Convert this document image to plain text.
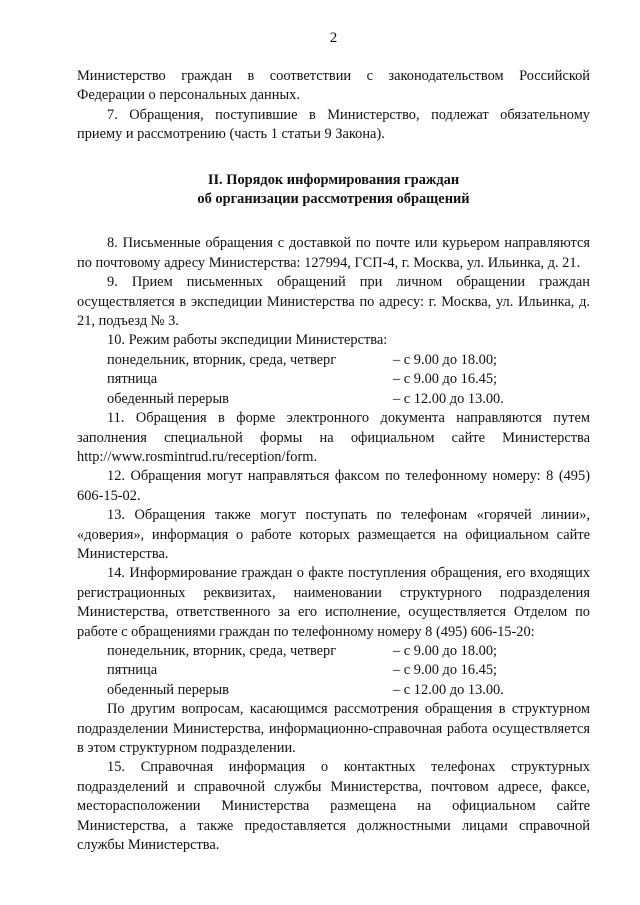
2

Министерство граждан в соответствии с законодательством Российской Федерации о персональных данных.

7. Обращения, поступившие в Министерство, подлежат обязательному приему и рассмотрению (часть 1 статьи 9 Закона).

II. Порядок информирования граждан
об организации рассмотрения обращений

8. Письменные обращения с доставкой по почте или курьером направляются по почтовому адресу Министерства: 127994, ГСП-4, г. Москва, ул. Ильинка, д. 21.

9. Прием письменных обращений при личном обращении граждан осуществляется в экспедиции Министерства по адресу: г. Москва, ул. Ильинка, д. 21, подъезд № 3.

10. Режим работы экспедиции Министерства:

понедельник, вторник, среда, четверг	– с 9.00 до 18.00;
пятница	– с 9.00 до 16.45;
обеденный перерыв	– с 12.00 до 13.00.

11. Обращения в форме электронного документа направляются путем заполнения специальной формы на официальном сайте Министерства http://www.rosmintrud.ru/reception/form.

12. Обращения могут направляться факсом по телефонному номеру: 8 (495) 606-15-02.

13. Обращения также могут поступать по телефонам «горячей линии», «доверия», информация о работе которых размещается на официальном сайте Министерства.

14. Информирование граждан о факте поступления обращения, его входящих регистрационных реквизитах, наименовании структурного подразделения Министерства, ответственного за его исполнение, осуществляется Отделом по работе с обращениями граждан по телефонному номеру 8 (495) 606-15-20:

понедельник, вторник, среда, четверг	– с 9.00 до 18.00;
пятница	– с 9.00 до 16.45;
обеденный перерыв	– с 12.00 до 13.00.

По другим вопросам, касающимся рассмотрения обращения в структурном подразделении Министерства, информационно-справочная работа осуществляется в этом структурном подразделении.

15. Справочная информация о контактных телефонах структурных подразделений и справочной службы Министерства, почтовом адресе, факсе, месторасположении Министерства размещена на официальном сайте Министерства, а также предоставляется должностными лицами справочной службы Министерства.
